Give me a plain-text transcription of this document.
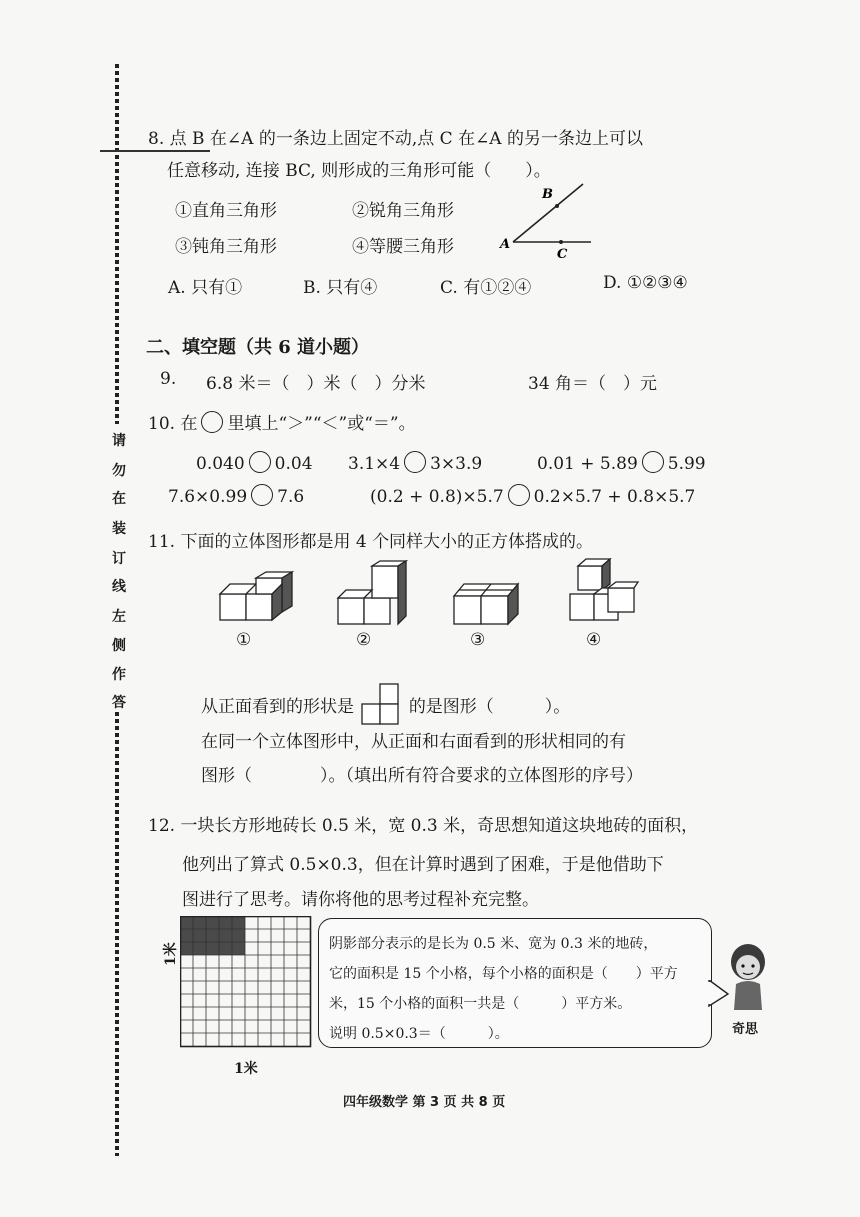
请
勿
在
装
订
线
左
侧
作
答
8. 点 B 在∠A 的一条边上固定不动,点 C 在∠A 的另一条边上可以
任意移动, 连接 BC, 则形成的三角形可能（　　）。
①直角三角形	②锐角三角形
③钝角三角形	④等腰三角形
B
A
C
A. 只有①	B. 只有④	C. 有①②④	D. ①②③④
二、填空题（共 6 道小题）
9. 6.8 米＝（　）米（　）分米	34 角＝（　）元
10. 在 里填上“＞”“＜”或“＝”。
0.040 0.04 3.1×4 3×3.9	0.01 + 5.89 5.99
7.6×0.99 7.6	(0.2 + 0.8)×5.7 0.2×5.7 + 0.8×5.7
11. 下面的立体图形都是用 4 个同样大小的正方体搭成的。
①	②	③	④
从正面看到的形状是	的是图形（　　　）。
在同一个立体图形中，从正面和右面看到的形状相同的有
图形（　　　　）。（填出所有符合要求的立体图形的序号）
12. 一块长方形地砖长 0.5 米，宽 0.3 米，奇思想知道这块地砖的面积，
他列出了算式 0.5×0.3，但在计算时遇到了困难，于是他借助下
图进行了思考。请你将他的思考过程补充完整。
1米
1米
阴影部分表示的是长为 0.5 米、宽为 0.3 米的地砖，
它的面积是 15 个小格，每个小格的面积是（　　）平方
米，15 个小格的面积一共是（　　　）平方米。
说明 0.5×0.3＝（　　　）。	奇思
四年级数学 第 3 页 共 8 页
